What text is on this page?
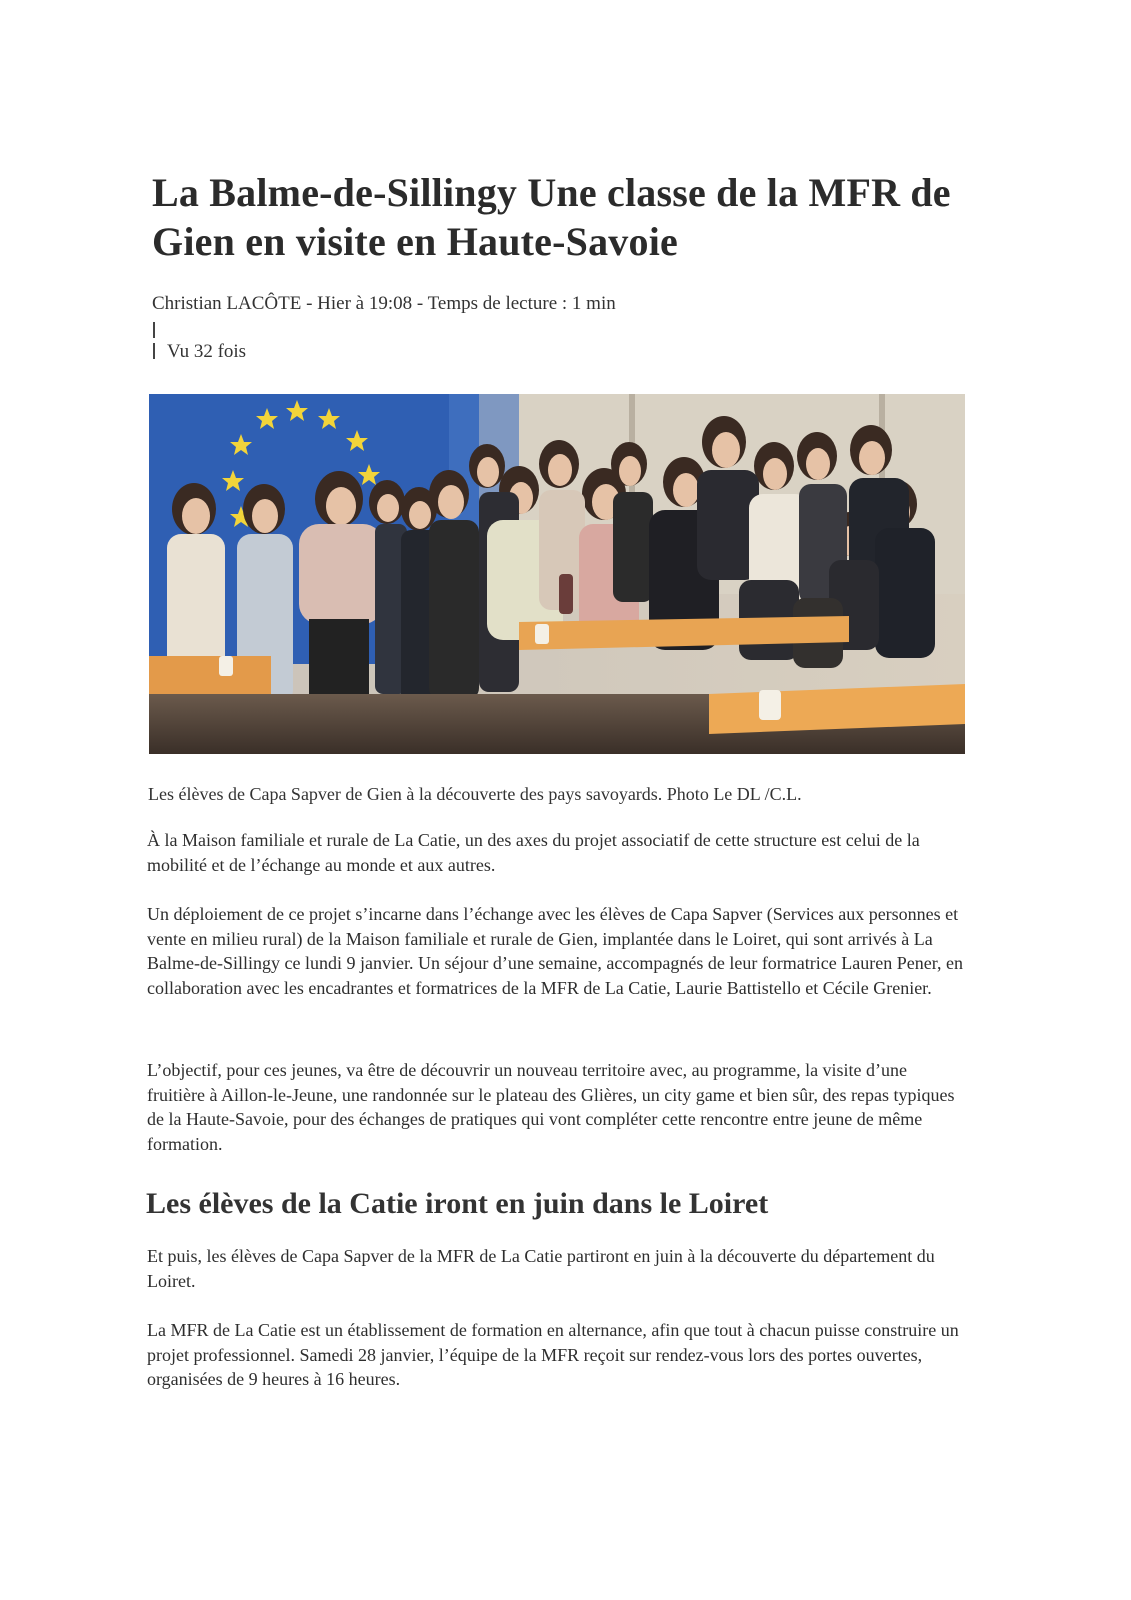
La Balme-de-Sillingy Une classe de la MFR de Gien en visite en Haute-Savoie
Christian LACÔTE - Hier à 19:08 - Temps de lecture : 1 min
Vu 32 fois
Les élèves de Capa Sapver de Gien à la découverte des pays savoyards. Photo Le DL /C.L.

À la Maison familiale et rurale de La Catie, un des axes du projet associatif de cette structure est celui de la mobilité et de l’échange au monde et aux autres.

Un déploiement de ce projet s’incarne dans l’échange avec les élèves de Capa Sapver (Services aux personnes et vente en milieu rural) de la Maison familiale et rurale de Gien, implantée dans le Loiret, qui sont arrivés à La Balme-de-Sillingy ce lundi 9 janvier. Un séjour d’une semaine, accompagnés de leur formatrice Lauren Pener, en collaboration avec les encadrantes et formatrices de la MFR de La Catie, Laurie Battistello et Cécile Grenier.

L’objectif, pour ces jeunes, va être de découvrir un nouveau territoire avec, au programme, la visite d’une fruitière à Aillon-le-Jeune, une randonnée sur le plateau des Glières, un city game et bien sûr, des repas typiques de la Haute-Savoie, pour des échanges de pratiques qui vont compléter cette rencontre entre jeune de même formation.

Les élèves de la Catie iront en juin dans le Loiret

Et puis, les élèves de Capa Sapver de la MFR de La Catie partiront en juin à la découverte du département du Loiret.

La MFR de La Catie est un établissement de formation en alternance, afin que tout à chacun puisse construire un projet professionnel. Samedi 28 janvier, l’équipe de la MFR reçoit sur rendez-vous lors des portes ouvertes, organisées de 9 heures à 16 heures.
